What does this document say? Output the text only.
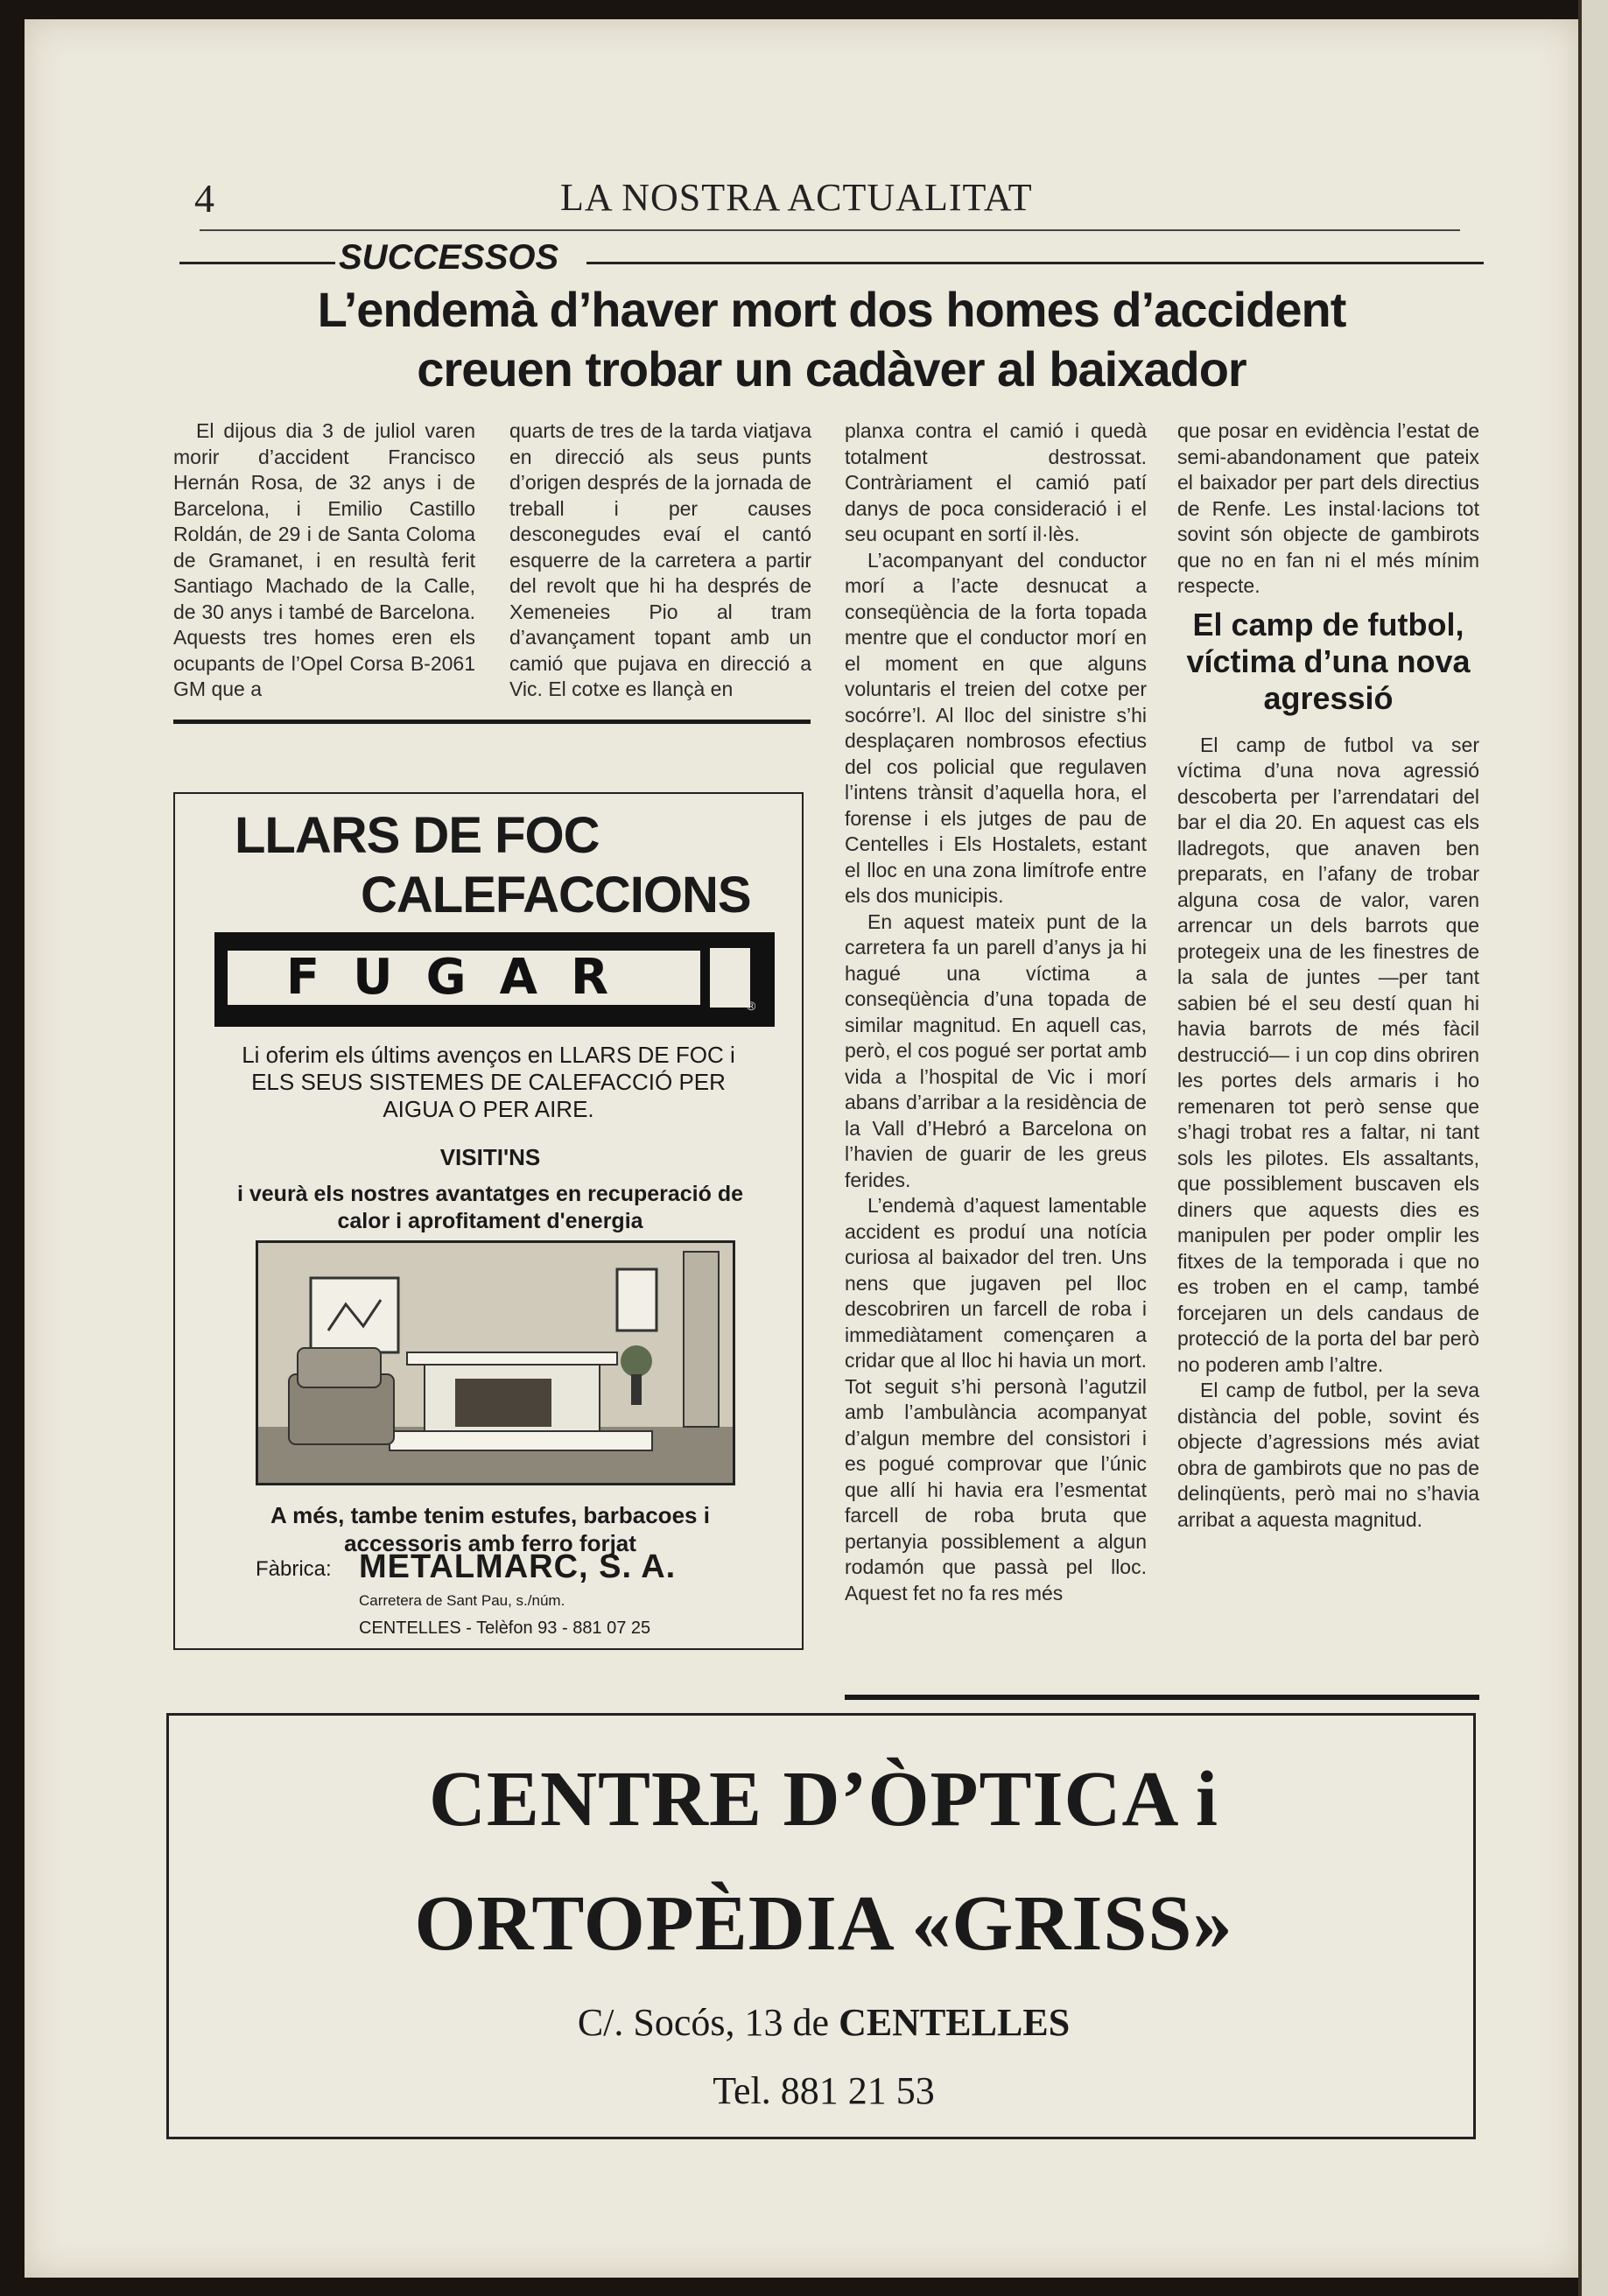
4	LA NOSTRA ACTUALITAT
SUCCESSOS
L’endemà d’haver mort dos homes d’accident
creuen trobar un cadàver al baixador

El dijous dia 3 de juliol varen morir d’accident Francisco Hernán Rosa, de 32 anys i de Barcelona, i Emilio Castillo Roldán, de 29 i de Santa Coloma de Gramanet, i en resultà ferit Santiago Machado de la Calle, de 30 anys i també de Barcelona. Aquests tres homes eren els ocupants de l’Opel Corsa B-2061 GM que a

quarts de tres de la tarda viatjava en direcció als seus punts d’origen després de la jornada de treball i per causes desconegudes evaí el cantó esquerre de la carretera a partir del revolt que hi ha després de Xemeneies Pio al tram d’avançament topant amb un camió que pujava en direcció a Vic. El cotxe es llançà en

planxa contra el camió i quedà totalment destrossat. Contràriament el camió patí danys de poca consideració i el seu ocupant en sortí il·lès.

L’acompanyant del conductor morí a l’acte desnucat a conseqüència de la forta topada mentre que el conductor morí en el moment en que alguns voluntaris el treien del cotxe per socórre’l. Al lloc del sinistre s’hi desplaçaren nombrosos efectius del cos policial que regulaven l’intens trànsit d’aquella hora, el forense i els jutges de pau de Centelles i Els Hostalets, estant el lloc en una zona limítrofe entre els dos municipis.

En aquest mateix punt de la carretera fa un parell d’anys ja hi hagué una víctima a conseqüència d’una topada de similar magnitud. En aquell cas, però, el cos pogué ser portat amb vida a l’hospital de Vic i morí abans d’arribar a la residència de la Vall d’Hebró a Barcelona on l’havien de guarir de les greus ferides.

L’endemà d’aquest lamentable accident es produí una notícia curiosa al baixador del tren. Uns nens que jugaven pel lloc descobriren un farcell de roba i immediàtament començaren a cridar que al lloc hi havia un mort. Tot seguit s’hi personà l’agutzil amb l’ambulància acompanyat d’algun membre del consistori i es pogué comprovar que l’únic que allí hi havia era l’esmentat farcell de roba bruta que pertanyia possiblement a algun rodamón que passà pel lloc. Aquest fet no fa res més

que posar en evidència l’estat de semi-abandonament que pateix el baixador per part dels directius de Renfe. Les instal·lacions tot sovint són objecte de gambirots que no en fan ni el més mínim respecte.

El camp de futbol, víctima d’una nova agressió

El camp de futbol va ser víctima d’una nova agressió descoberta per l’arrendatari del bar el dia 20. En aquest cas els lladregots, que anaven ben preparats, en l’afany de trobar alguna cosa de valor, varen arrencar un dels barrots que protegeix una de les finestres de la sala de juntes —per tant sabien bé el seu destí quan hi havia barrots de més fàcil destrucció— i un cop dins obriren les portes dels armaris i ho remenaren tot però sense que s’hagi trobat res a faltar, ni tant sols les pilotes. Els assaltants, que possiblement buscaven els diners que aquests dies es manipulen per poder omplir les fitxes de la temporada i que no es troben en el camp, també forcejaren un dels candaus de protecció de la porta del bar però no poderen amb l’altre.

El camp de futbol, per la seva distància del poble, sovint és objecte d’agressions més aviat obra de gambirots que no pas de delinqüents, però mai no s’havia arribat a aquesta magnitud.

LLARS DE FOC
CALEFACCIONS
FUGAR	®
Li oferim els últims avenços en LLARS DE FOC i ELS SEUS SISTEMES DE CALEFACCIÓ PER AIGUA O PER AIRE.
VISITI'NS
i veurà els nostres avantatges en recuperació de calor i aprofitament d'energia
A més, tambe tenim estufes, barbacoes i accessoris amb ferro forjat
Fàbrica: METALMARC, S. A.
Carretera de Sant Pau, s./núm.
CENTELLES - Telèfon 93 - 881 07 25
CENTRE D’ÒPTICA i
ORTOPÈDIA «GRISS»
C/. Socós, 13 de CENTELLES
Tel. 881 21 53
